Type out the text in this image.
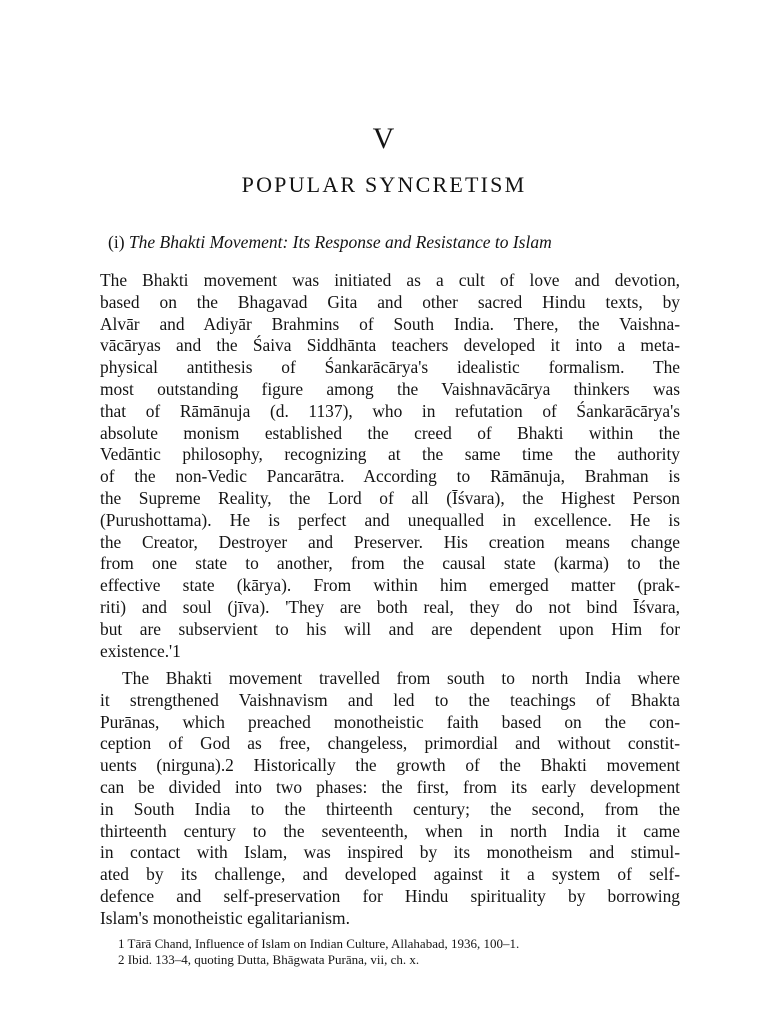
V
POPULAR SYNCRETISM
(i) The Bhakti Movement: Its Response and Resistance to Islam
The Bhakti movement was initiated as a cult of love and devotion,
based on the Bhagavad Gita and other sacred Hindu texts, by
Alvār and Adiyār Brahmins of South India. There, the Vaishna-
vācāryas and the Śaiva Siddhānta teachers developed it into a meta-
physical antithesis of Śankarācārya's idealistic formalism. The
most outstanding figure among the Vaishnavācārya thinkers was
that of Rāmānuja (d. 1137), who in refutation of Śankarācārya's
absolute monism established the creed of Bhakti within the
Vedāntic philosophy, recognizing at the same time the authority
of the non-Vedic Pancarātra. According to Rāmānuja, Brahman is
the Supreme Reality, the Lord of all (Īśvara), the Highest Person
(Purushottama). He is perfect and unequalled in excellence. He is
the Creator, Destroyer and Preserver. His creation means change
from one state to another, from the causal state (karma) to the
effective state (kārya). From within him emerged matter (prak-
riti) and soul (jīva). 'They are both real, they do not bind Īśvara,
but are subservient to his will and are dependent upon Him for
existence.'1
The Bhakti movement travelled from south to north India where
it strengthened Vaishnavism and led to the teachings of Bhakta
Purānas, which preached monotheistic faith based on the con-
ception of God as free, changeless, primordial and without constit-
uents (nirguna).2 Historically the growth of the Bhakti movement
can be divided into two phases: the first, from its early development
in South India to the thirteenth century; the second, from the
thirteenth century to the seventeenth, when in north India it came
in contact with Islam, was inspired by its monotheism and stimul-
ated by its challenge, and developed against it a system of self-
defence and self-preservation for Hindu spirituality by borrowing
Islam's monotheistic egalitarianism.
1 Tārā Chand, Influence of Islam on Indian Culture, Allahabad, 1936, 100–1.
2 Ibid. 133–4, quoting Dutta, Bhāgwata Purāna, vii, ch. x.
